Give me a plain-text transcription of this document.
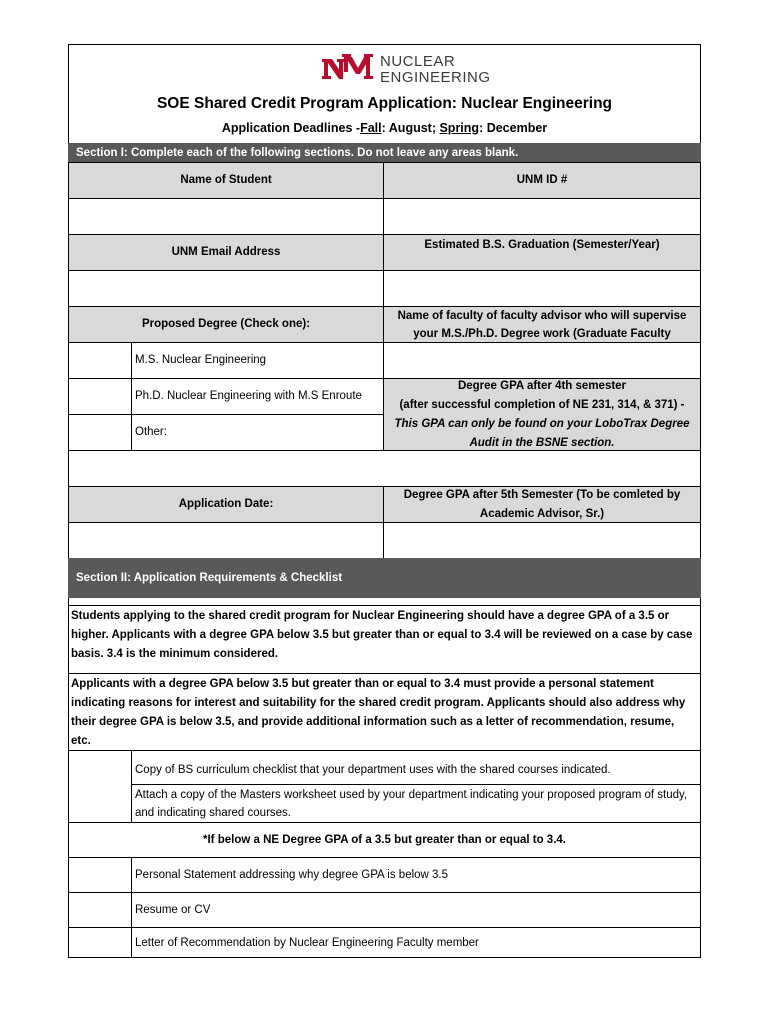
NUCLEAR
ENGINEERING
SOE Shared Credit Program Application: Nuclear Engineering
Application Deadlines -Fall: August; Spring: December
Section I: Complete each of the following sections. Do not leave any areas blank.
Name of Student	UNM ID #
UNM Email Address
Estimated B.S. Graduation (Semester/Year)
Proposed Degree (Check one):
Name of faculty of faculty advisor who will supervise your M.S./Ph.D. Degree work (Graduate Faculty
M.S. Nuclear Engineering
Ph.D. Nuclear Engineering with M.S Enroute
Other:
Degree GPA after 4th semester
(after successful completion of NE 231, 314, & 371) -
This GPA can only be found on your LoboTrax Degree Audit in the BSNE section.
Application Date:
Degree GPA after 5th Semester (To be comleted by Academic Advisor, Sr.)
Section II: Application Requirements & Checklist
Students applying to the shared credit program for Nuclear Engineering should have a degree GPA of a 3.5 or higher. Applicants with a degree GPA below 3.5 but greater than or equal to 3.4 will be reviewed on a case by case basis. 3.4 is the minimum considered.
Applicants with a degree GPA below 3.5 but greater than or equal to 3.4 must provide a personal statement indicating reasons for interest and suitability for the shared credit program. Applicants should also address why their degree GPA is below 3.5, and provide additional information such as a letter of recommendation, resume, etc.
Copy of BS curriculum checklist that your department uses with the shared courses indicated.
Attach a copy of the Masters worksheet used by your department indicating your proposed program of study, and indicating shared courses.
*If below a NE Degree GPA of a 3.5 but greater than or equal to 3.4.
Personal Statement addressing why degree GPA is below 3.5
Resume or CV
Letter of Recommendation by Nuclear Engineering Faculty member
